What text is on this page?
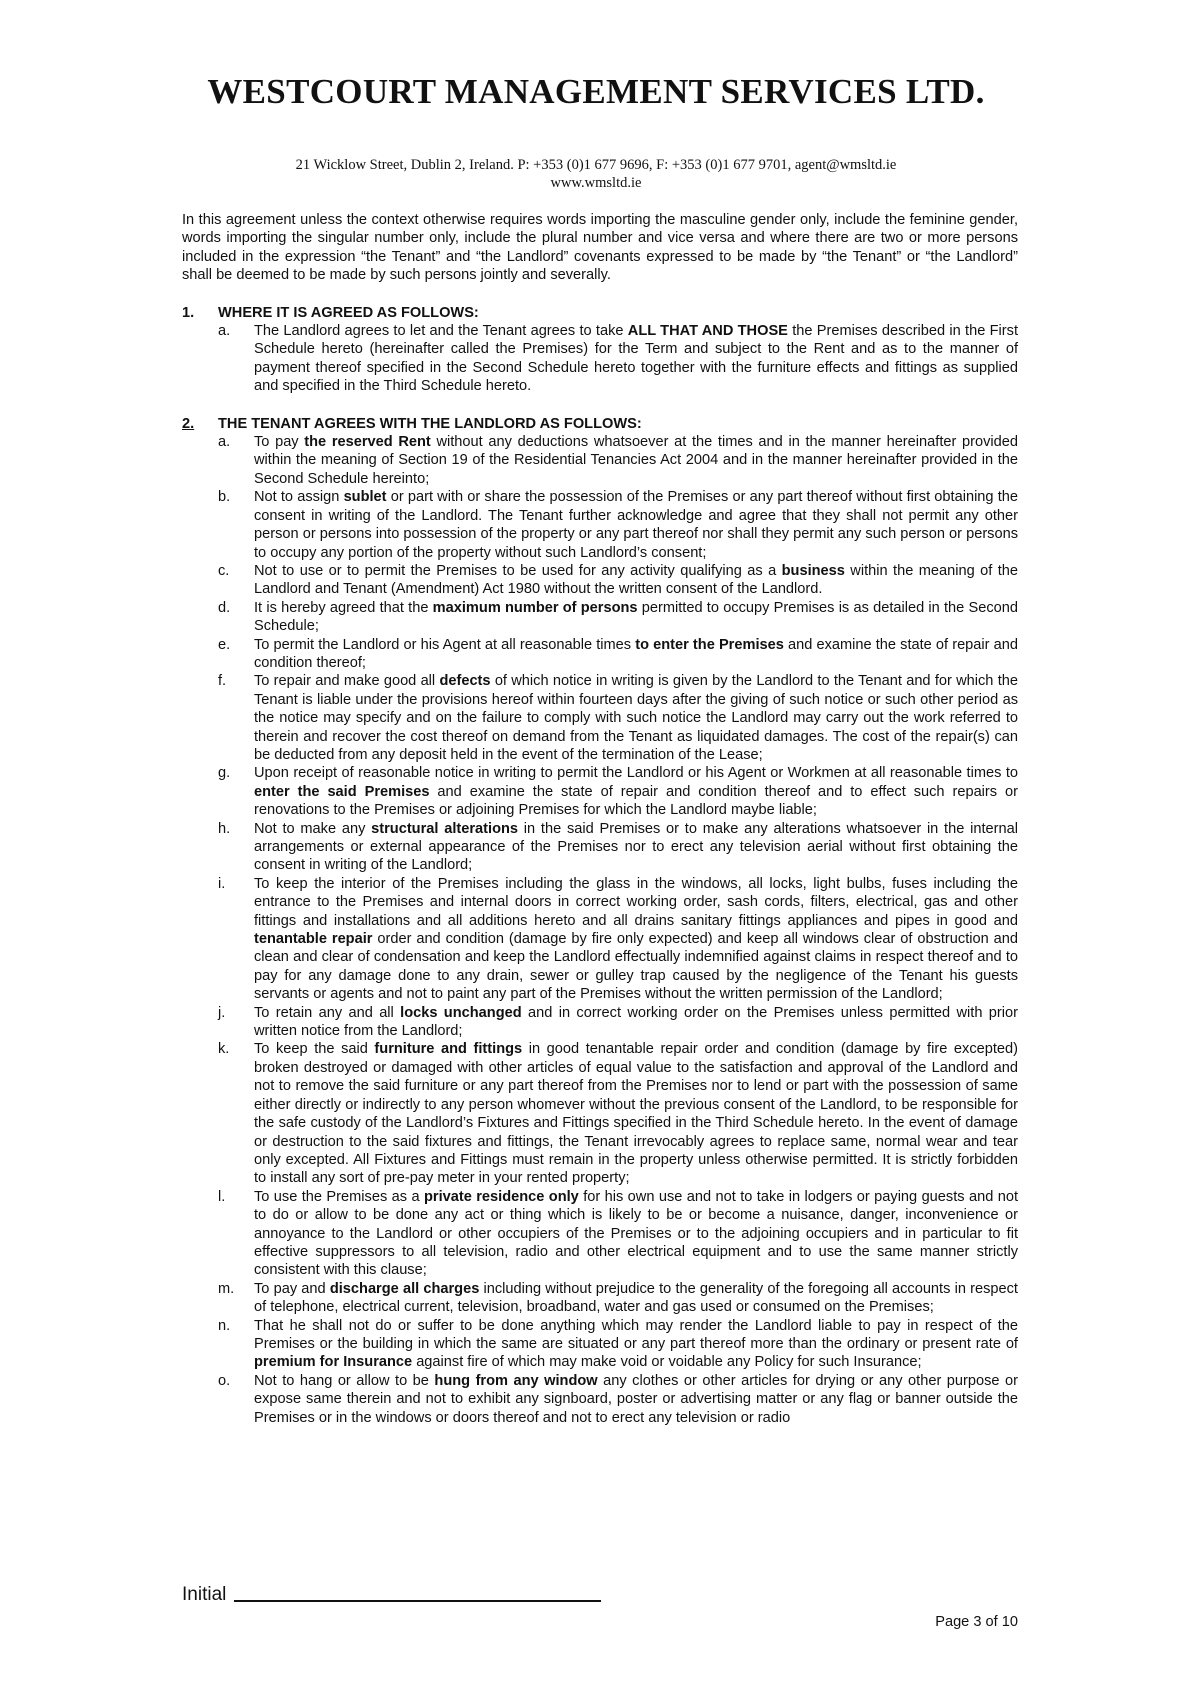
WESTCOURT MANAGEMENT SERVICES LTD.
21 Wicklow Street, Dublin 2, Ireland. P: +353 (0)1 677 9696, F: +353 (0)1 677 9701, agent@wmsltd.ie
www.wmsltd.ie

In this agreement unless the context otherwise requires words importing the masculine gender only, include the feminine gender, words importing the singular number only, include the plural number and vice versa and where there are two or more persons included in the expression “the Tenant” and “the Landlord” covenants expressed to be made by “the Tenant” or “the Landlord” shall be deemed to be made by such persons jointly and severally.

1.	WHERE IT IS AGREED AS FOLLOWS:
a.	The Landlord agrees to let and the Tenant agrees to take ALL THAT AND THOSE the Premises described in the First Schedule hereto (hereinafter called the Premises) for the Term and subject to the Rent and as to the manner of payment thereof specified in the Second Schedule hereto together with the furniture effects and fittings as supplied and specified in the Third Schedule hereto.
2.	THE TENANT AGREES WITH THE LANDLORD AS FOLLOWS:
a.	To pay the reserved Rent without any deductions whatsoever at the times and in the manner hereinafter provided within the meaning of Section 19 of the Residential Tenancies Act 2004 and in the manner hereinafter provided in the Second Schedule hereinto;
b.	Not to assign sublet or part with or share the possession of the Premises or any part thereof without first obtaining the consent in writing of the Landlord. The Tenant further acknowledge and agree that they shall not permit any other person or persons into possession of the property or any part thereof nor shall they permit any such person or persons to occupy any portion of the property without such Landlord’s consent;
c.	Not to use or to permit the Premises to be used for any activity qualifying as a business within the meaning of the Landlord and Tenant (Amendment) Act 1980 without the written consent of the Landlord.
d.	It is hereby agreed that the maximum number of persons permitted to occupy Premises is as detailed in the Second Schedule;
e.	To permit the Landlord or his Agent at all reasonable times to enter the Premises and examine the state of repair and condition thereof;
f.	To repair and make good all defects of which notice in writing is given by the Landlord to the Tenant and for which the Tenant is liable under the provisions hereof within fourteen days after the giving of such notice or such other period as the notice may specify and on the failure to comply with such notice the Landlord may carry out the work referred to therein and recover the cost thereof on demand from the Tenant as liquidated damages. The cost of the repair(s) can be deducted from any deposit held in the event of the termination of the Lease;
g.	Upon receipt of reasonable notice in writing to permit the Landlord or his Agent or Workmen at all reasonable times to enter the said Premises and examine the state of repair and condition thereof and to effect such repairs or renovations to the Premises or adjoining Premises for which the Landlord maybe liable;
h.	Not to make any structural alterations in the said Premises or to make any alterations whatsoever in the internal arrangements or external appearance of the Premises nor to erect any television aerial without first obtaining the consent in writing of the Landlord;
i.	To keep the interior of the Premises including the glass in the windows, all locks, light bulbs, fuses including the entrance to the Premises and internal doors in correct working order, sash cords, filters, electrical, gas and other fittings and installations and all additions hereto and all drains sanitary fittings appliances and pipes in good and tenantable repair order and condition (damage by fire only expected) and keep all windows clear of obstruction and clean and clear of condensation and keep the Landlord effectually indemnified against claims in respect thereof and to pay for any damage done to any drain, sewer or gulley trap caused by the negligence of the Tenant his guests servants or agents and not to paint any part of the Premises without the written permission of the Landlord;
j.	To retain any and all locks unchanged and in correct working order on the Premises unless permitted with prior written notice from the Landlord;
k.	To keep the said furniture and fittings in good tenantable repair order and condition (damage by fire excepted) broken destroyed or damaged with other articles of equal value to the satisfaction and approval of the Landlord and not to remove the said furniture or any part thereof from the Premises nor to lend or part with the possession of same either directly or indirectly to any person whomever without the previous consent of the Landlord, to be responsible for the safe custody of the Landlord’s Fixtures and Fittings specified in the Third Schedule hereto. In the event of damage or destruction to the said fixtures and fittings, the Tenant irrevocably agrees to replace same, normal wear and tear only excepted. All Fixtures and Fittings must remain in the property unless otherwise permitted. It is strictly forbidden to install any sort of pre-pay meter in your rented property;
l.	To use the Premises as a private residence only for his own use and not to take in lodgers or paying guests and not to do or allow to be done any act or thing which is likely to be or become a nuisance, danger, inconvenience or annoyance to the Landlord or other occupiers of the Premises or to the adjoining occupiers and in particular to fit effective suppressors to all television, radio and other electrical equipment and to use the same manner strictly consistent with this clause;
m.	To pay and discharge all charges including without prejudice to the generality of the foregoing all accounts in respect of telephone, electrical current, television, broadband, water and gas used or consumed on the Premises;
n.	That he shall not do or suffer to be done anything which may render the Landlord liable to pay in respect of the Premises or the building in which the same are situated or any part thereof more than the ordinary or present rate of premium for Insurance against fire of which may make void or voidable any Policy for such Insurance;
o.	Not to hang or allow to be hung from any window any clothes or other articles for drying or any other purpose or expose same therein and not to exhibit any signboard, poster or advertising matter or any flag or banner outside the Premises or in the windows or doors thereof and not to erect any television or radio
Initial
Page 3 of 10
